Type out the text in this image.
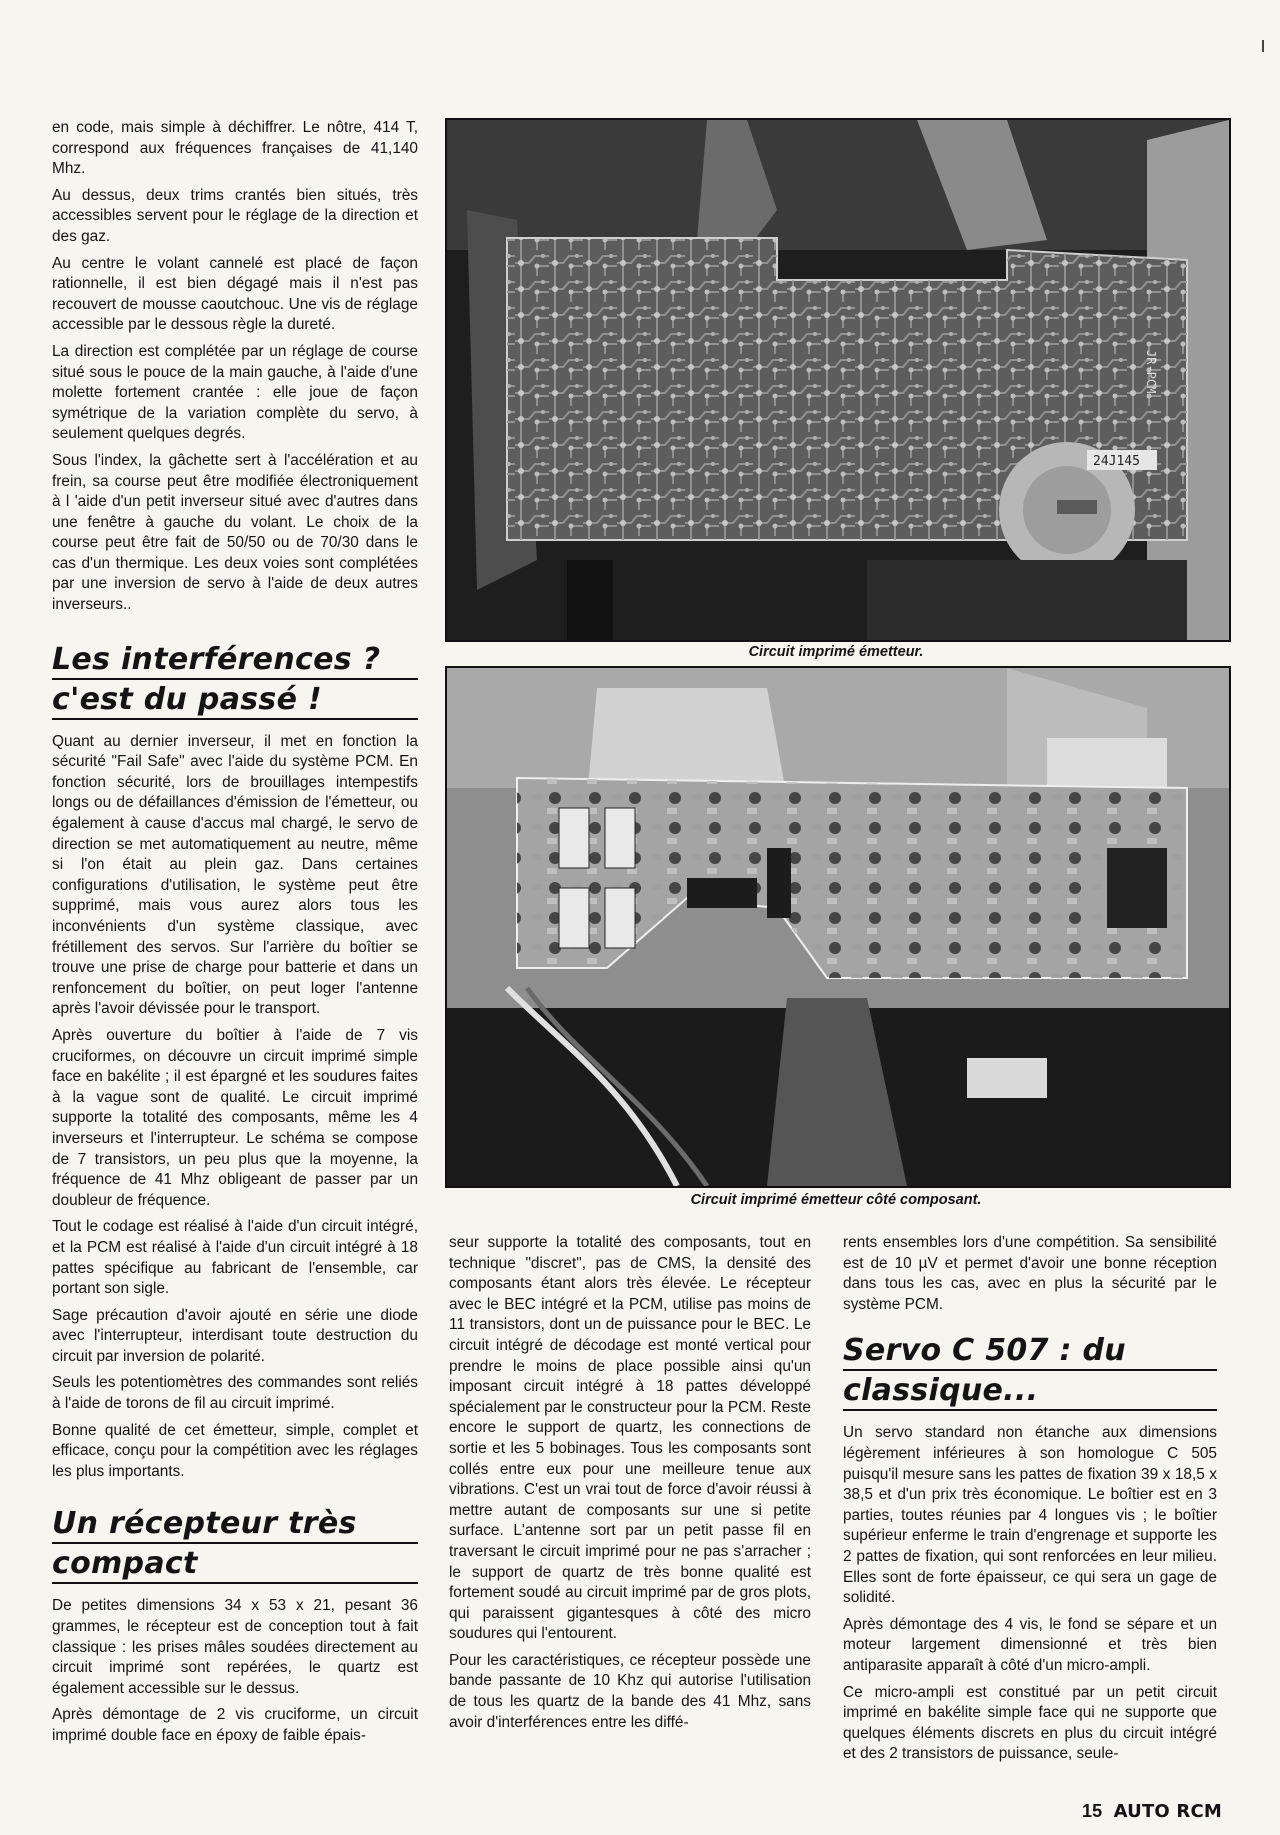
en code, mais simple à déchiffrer. Le nôtre, 414 T, correspond aux fréquences françaises de 41,140 Mhz.

Au dessus, deux trims crantés bien situés, très accessibles servent pour le réglage de la direction et des gaz.

Au centre le volant cannelé est placé de façon rationnelle, il est bien dégagé mais il n'est pas recouvert de mousse caoutchouc. Une vis de réglage accessible par le dessous règle la dureté.

La direction est complétée par un réglage de course situé sous le pouce de la main gauche, à l'aide d'une molette fortement crantée : elle joue de façon symétrique de la variation complète du servo, à seulement quelques degrés.

Sous l'index, la gâchette sert à l'accélération et au frein, sa course peut être modifiée électroniquement à l 'aide d'un petit inverseur situé avec d'autres dans une fenêtre à gauche du volant. Le choix de la course peut être fait de 50/50 ou de 70/30 dans le cas d'un thermique. Les deux voies sont complétées par une inversion de servo à l'aide de deux autres inverseurs..

Les interférences ?
c'est du passé !

Quant au dernier inverseur, il met en fonction la sécurité "Fail Safe" avec l'aide du système PCM. En fonction sécurité, lors de brouillages intempestifs longs ou de défaillances d'émission de l'émetteur, ou également à cause d'accus mal chargé, le servo de direction se met automatiquement au neutre, même si l'on était au plein gaz. Dans certaines configurations d'utilisation, le système peut être supprimé, mais vous aurez alors tous les inconvénients d'un système classique, avec frétillement des servos. Sur l'arrière du boîtier se trouve une prise de charge pour batterie et dans un renfoncement du boîtier, on peut loger l'antenne après l'avoir dévissée pour le transport.

Après ouverture du boîtier à l'aide de 7 vis cruciformes, on découvre un circuit imprimé simple face en bakélite ; il est épargné et les soudures faites à la vague sont de qualité. Le circuit imprimé supporte la totalité des composants, même les 4 inverseurs et l'interrupteur. Le schéma se compose de 7 transistors, un peu plus que la moyenne, la fréquence de 41 Mhz obligeant de passer par un doubleur de fréquence.

Tout le codage est réalisé à l'aide d'un circuit intégré, et la PCM est réalisé à l'aide d'un circuit intégré à 18 pattes spécifique au fabricant de l'ensemble, car portant son sigle.

Sage précaution d'avoir ajouté en série une diode avec l'interrupteur, interdisant toute destruction du circuit par inversion de polarité.

Seuls les potentiomètres des commandes sont reliés à l'aide de torons de fil au circuit imprimé.

Bonne qualité de cet émetteur, simple, complet et efficace, conçu pour la compétition avec les réglages les plus importants.

Un récepteur très
compact

De petites dimensions 34 x 53 x 21, pesant 36 grammes, le récepteur est de conception tout à fait classique : les prises mâles soudées directement au circuit imprimé sont repérées, le quartz est également accessible sur le dessus.

Après démontage de 2 vis cruciforme, un circuit imprimé double face en époxy de faible épais-

24J145
JR-PCM
Circuit imprimé émetteur.
Circuit imprimé émetteur côté composant.

seur supporte la totalité des composants, tout en technique "discret", pas de CMS, la densité des composants étant alors très élevée. Le récepteur avec le BEC intégré et la PCM, utilise pas moins de 11 transistors, dont un de puissance pour le BEC. Le circuit intégré de décodage est monté vertical pour prendre le moins de place possible ainsi qu'un imposant circuit intégré à 18 pattes développé spécialement par le constructeur pour la PCM. Reste encore le support de quartz, les connections de sortie et les 5 bobinages. Tous les composants sont collés entre eux pour une meilleure tenue aux vibrations. C'est un vrai tout de force d'avoir réussi à mettre autant de composants sur une si petite surface. L'antenne sort par un petit passe fil en traversant le circuit imprimé pour ne pas s'arracher ; le support de quartz de très bonne qualité est fortement soudé au circuit imprimé par de gros plots, qui paraissent gigantesques à côté des micro soudures qui l'entourent.

Pour les caractéristiques, ce récepteur possède une bande passante de 10 Khz qui autorise l'utilisation de tous les quartz de la bande des 41 Mhz, sans avoir d'interférences entre les diffé-

rents ensembles lors d'une compétition. Sa sensibilité est de 10 µV et permet d'avoir une bonne réception dans tous les cas, avec en plus la sécurité par le système PCM.

Servo C 507 : du
classique...

Un servo standard non étanche aux dimensions légèrement inférieures à son homologue C 505 puisqu'il mesure sans les pattes de fixation 39 x 18,5 x 38,5 et d'un prix très économique. Le boîtier est en 3 parties, toutes réunies par 4 longues vis ; le boîtier supérieur enferme le train d'engrenage et supporte les 2 pattes de fixation, qui sont renforcées en leur milieu. Elles sont de forte épaisseur, ce qui sera un gage de solidité.

Après démontage des 4 vis, le fond se sépare et un moteur largement dimensionné et très bien antiparasite apparaît à côté d'un micro-ampli.

Ce micro-ampli est constitué par un petit circuit imprimé en bakélite simple face qui ne supporte que quelques éléments discrets en plus du circuit intégré et des 2 transistors de puissance, seule-

15 AUTO RCM
